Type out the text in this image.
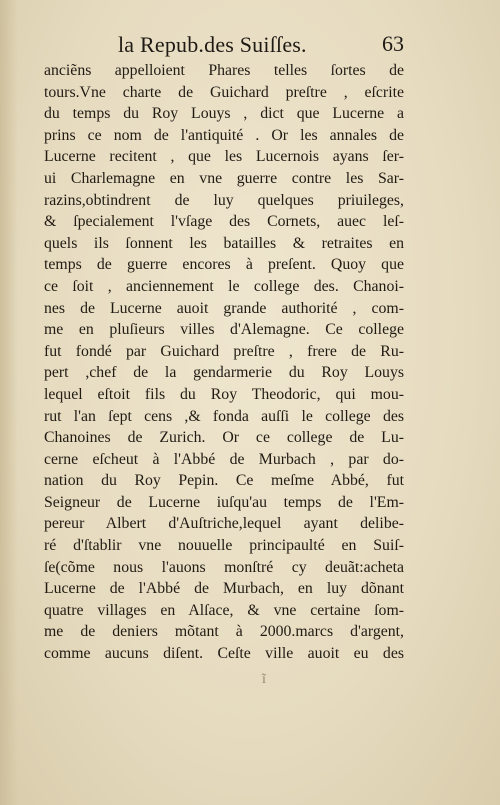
la Repub.des Suiſſes.	63
anciẽns appelloient Phares telles ſortes de
tours.Vne charte de Guichard preſtre , eſcrite
du temps du Roy Louys , dict que Lucerne a
prins ce nom de l'antiquité . Or les annales de
Lucerne recitent , que les Lucernois ayans ſer-
ui Charlemagne en vne guerre contre les Sar-
razins,obtindrent de luy quelques priuileges,
& ſpecialement l'vſage des Cornets, auec leſ-
quels ils ſonnent les batailles & retraites en
temps de guerre encores à preſent. Quoy que
ce ſoit , anciennement le college des. Chanoi-
nes de Lucerne auoit grande authorité , com-
me en pluſieurs villes d'Alemagne. Ce college
fut fondé par Guichard preſtre , frere de Ru-
pert ,chef de la gendarmerie du Roy Louys
lequel eſtoit fils du Roy Theodoric, qui mou-
rut l'an ſept cens ,& fonda auſſi le college des
Chanoines de Zurich. Or ce college de Lu-
cerne eſcheut à l'Abbé de Murbach , par do-
nation du Roy Pepin. Ce meſme Abbé, fut
Seigneur de Lucerne iuſqu'au temps de l'Em-
pereur Albert d'Auſtriche,lequel ayant delibe-
ré d'ſtablir vne nouuelle principaulté en Suiſ-
ſe(cõme nous l'auons monſtré cy deuãt:acheta
Lucerne de l'Abbé de Murbach, en luy dõnant
quatre villages en Alſace, & vne certaine ſom-
me de deniers mõtant à 2000.marcs d'argent,
comme aucuns diſent. Ceſte ville auoit eu des
ĩ
